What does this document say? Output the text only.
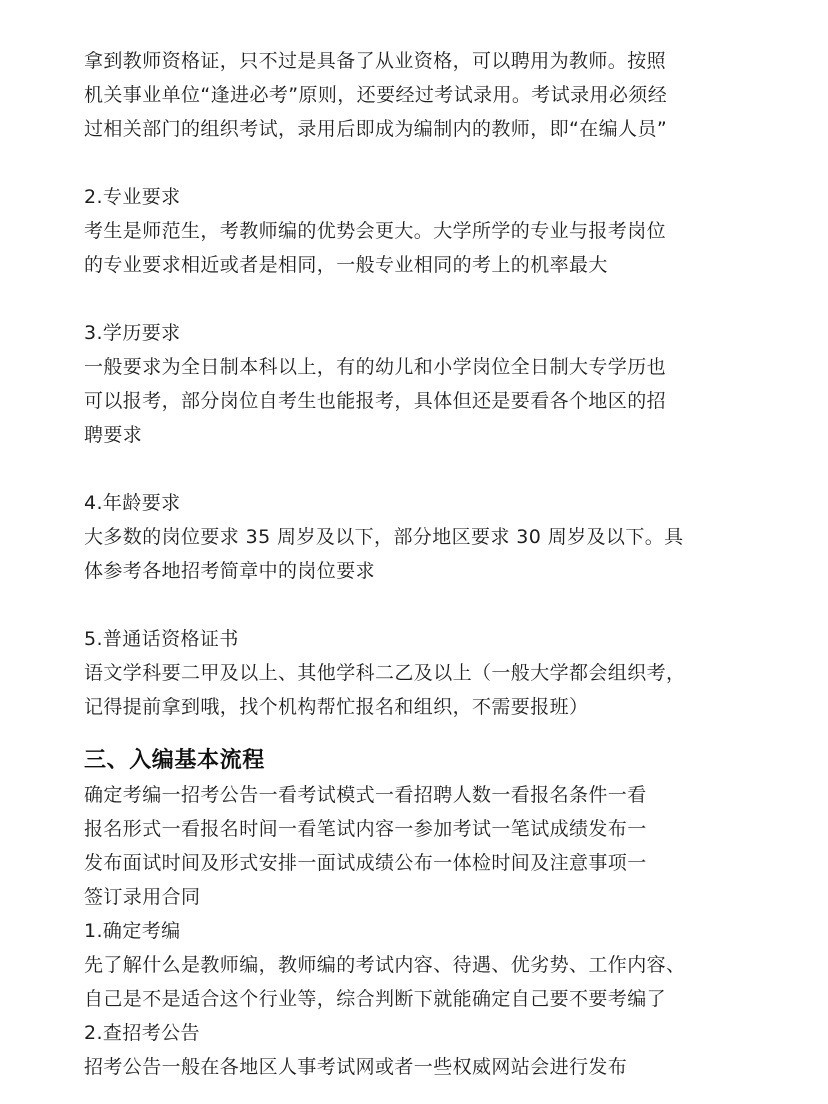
拿到教师资格证，只不过是具备了从业资格，可以聘用为教师。按照

机关事业单位“逢进必考”原则，还要经过考试录用。考试录用必须经

过相关部门的组织考试，录用后即成为编制内的教师，即“在编人员”

2.专业要求

考生是师范生，考教师编的优势会更大。大学所学的专业与报考岗位

的专业要求相近或者是相同，一般专业相同的考上的机率最大

3.学历要求

一般要求为全日制本科以上，有的幼儿和小学岗位全日制大专学历也

可以报考，部分岗位自考生也能报考，具体但还是要看各个地区的招

聘要求

4.年龄要求

大多数的岗位要求 35 周岁及以下，部分地区要求 30 周岁及以下。具

体参考各地招考简章中的岗位要求

5.普通话资格证书

语文学科要二甲及以上、其他学科二乙及以上（一般大学都会组织考，

记得提前拿到哦，找个机构帮忙报名和组织，不需要报班）

三、入编基本流程

确定考编一招考公告一看考试模式一看招聘人数一看报名条件一看

报名形式一看报名时间一看笔试内容一参加考试一笔试成绩发布一

发布面试时间及形式安排一面试成绩公布一体检时间及注意事项一

签订录用合同

1.确定考编

先了解什么是教师编，教师编的考试内容、待遇、优劣势、工作内容、

自己是不是适合这个行业等，综合判断下就能确定自己要不要考编了

2.查招考公告

招考公告一般在各地区人事考试网或者一些权威网站会进行发布
